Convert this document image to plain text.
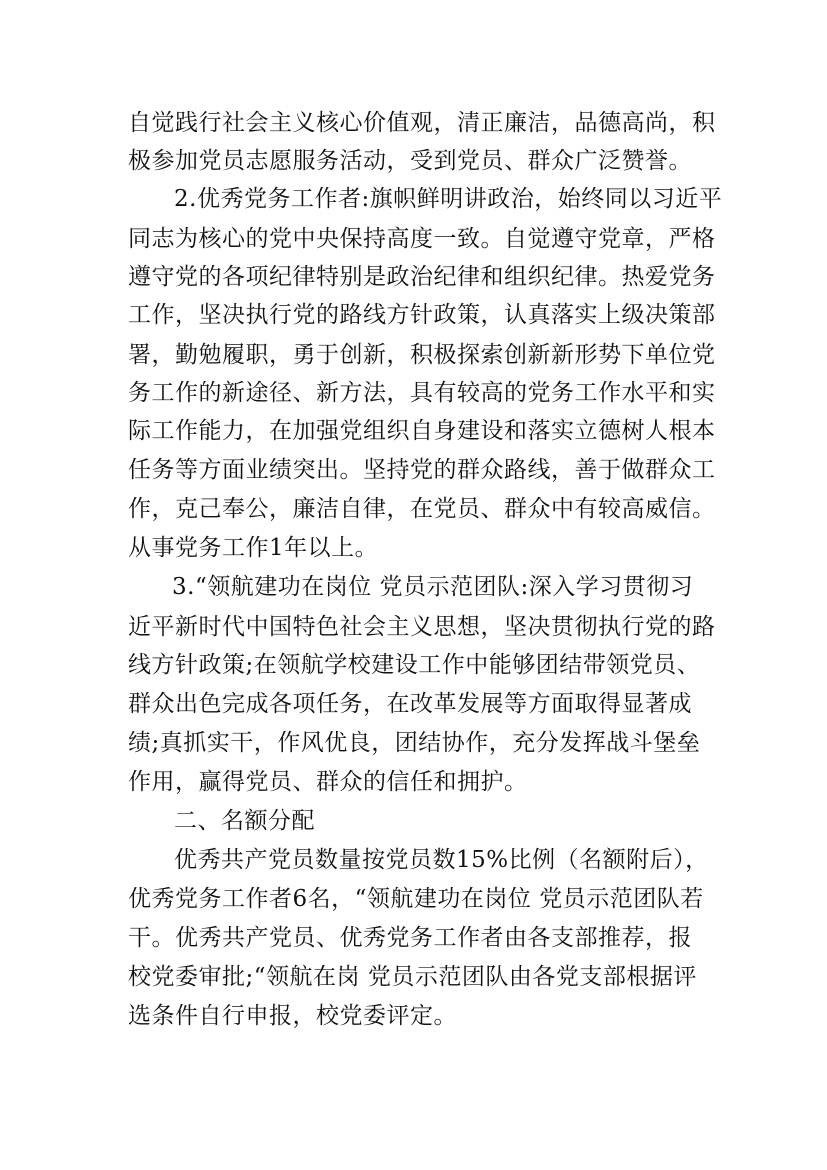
自觉践行社会主义核心价值观，清正廉洁，品德高尚，积
极参加党员志愿服务活动，受到党员、群众广泛赞誉。
2.优秀党务工作者:旗帜鲜明讲政治，始终同以习近平
同志为核心的党中央保持高度一致。自觉遵守党章，严格
遵守党的各项纪律特别是政治纪律和组织纪律。热爱党务
工作，坚决执行党的路线方针政策，认真落实上级决策部
署，勤勉履职，勇于创新，积极探索创新新形势下单位党
务工作的新途径、新方法，具有较高的党务工作水平和实
际工作能力，在加强党组织自身建设和落实立德树人根本
任务等方面业绩突出。坚持党的群众路线，善于做群众工
作，克己奉公，廉洁自律，在党员、群众中有较高威信。
从事党务工作1年以上。
3.“领航建功在岗位 党员示范团队:深入学习贯彻习
近平新时代中国特色社会主义思想，坚决贯彻执行党的路
线方针政策;在领航学校建设工作中能够团结带领党员、
群众出色完成各项任务，在改革发展等方面取得显著成
绩;真抓实干，作风优良，团结协作，充分发挥战斗堡垒
作用，赢得党员、群众的信任和拥护。
二、名额分配
优秀共产党员数量按党员数15%比例（名额附后），
优秀党务工作者6名，“领航建功在岗位 党员示范团队若
干。优秀共产党员、优秀党务工作者由各支部推荐，报
校党委审批;“领航在岗 党员示范团队由各党支部根据评
选条件自行申报，校党委评定。
